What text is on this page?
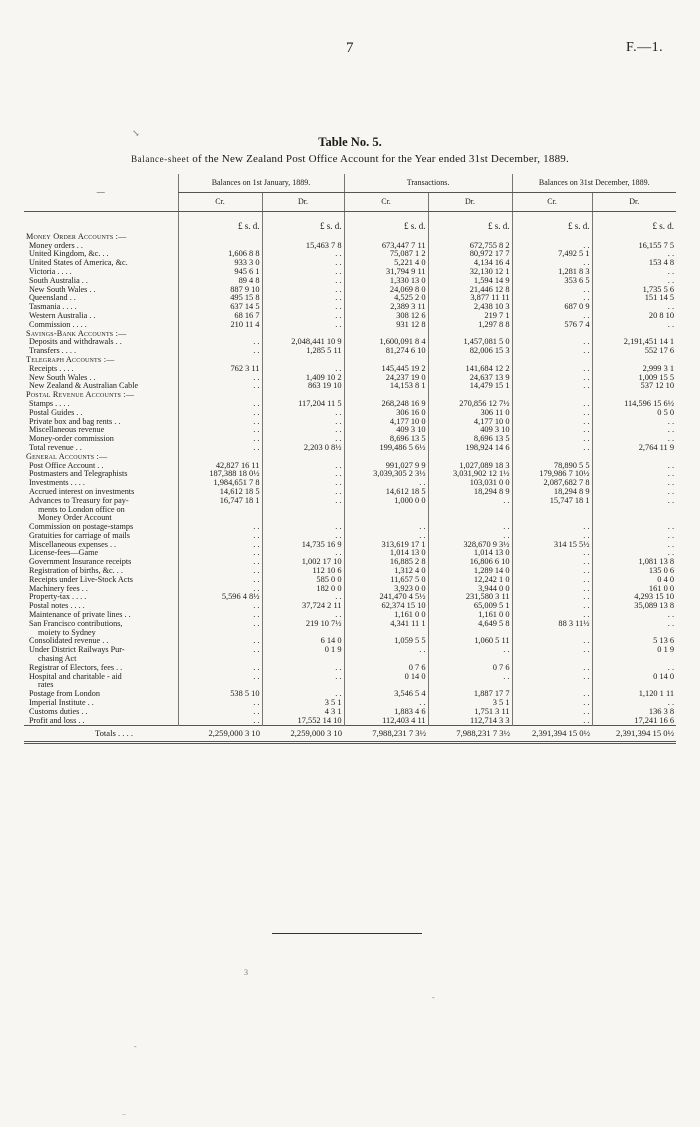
7	F.—1.
↘
Table No. 5.
Balance-sheet of the New Zealand Post Office Account for the Year ended 31st December, 1889.
—	Balances on 1st January, 1889.		Transactions.		Balances on 31st December, 1889.	
	Cr.	Dr.	Cr.	Dr.	Cr.	Dr.
	£ s. d.	£ s. d.	£ s. d.	£ s. d.	£ s. d.	£ s. d.
Money Order Accounts :—						
Money orders . .		15,463 7 8	673,447 7 11	672,755 8 2	. .	16,155 7 5
United Kingdom, &c. . .	1,606 8 8	. .	75,087 1 2	80,972 17 7	7,492 5 1	. .
United States of America, &c.	933 3 0	. .	5,221 4 0	4,134 16 4	. .	153 4 8
Victoria . . . .	945 6 1	. .	31,794 9 11	32,130 12 1	1,281 8 3	. .
South Australia . .	89 4 8	. .	1,330 13 0	1,594 14 9	353 6 5	. .
New South Wales . .	887 9 10	. .	24,069 8 0	21,446 12 8	. .	1,735 5 6
Queensland . .	495 15 8	. .	4,525 2 0	3,877 11 11	. .	151 14 5
Tasmania . . . .	637 14 5	. .	2,389 3 11	2,438 10 3	687 0 9	. .
Western Australia . .	68 16 7	. .	308 12 6	219 7 1	. .	20 8 10
Commission . . . .	210 11 4	. .	931 12 8	1,297 8 8	576 7 4	. .
Savings-Bank Accounts :—						
Deposits and withdrawals . .	. .	2,048,441 10 9	1,600,091 8 4	1,457,081 5 0	. .	2,191,451 14 1
Transfers . . . .	. .	1,285 5 11	81,274 6 10	82,006 15 3	. .	552 17 6
Telegraph Accounts :—						
Receipts . . . .	762 3 11	. .	145,445 19 2	141,684 12 2	. .	2,999 3 1
New South Wales . .	. .	1,409 10 2	24,237 19 0	24,637 13 9	. .	1,009 15 5
New Zealand & Australian Cable	. .	863 19 10	14,153 8 1	14,479 15 1	. .	537 12 10
Postal Revenue Accounts :—						
Stamps . . . .	. .	117,204 11 5	268,248 16 9	270,856 12 7½	. .	114,596 15 6½
Postal Guides . .	. .	. .	306 16 0	306 11 0	. .	0 5 0
Private box and bag rents . .	. .	. .	4,177 10 0	4,177 10 0	. .	. .
Miscellaneous revenue	. .	. .	409 3 10	409 3 10	. .	. .
Money-order commission	. .	. .	8,696 13 5	8,696 13 5	. .	. .
Total revenue . .	. .	2,203 0 8½	199,486 5 6½	198,924 14 6	. .	2,764 11 9
General Accounts :—						
Post Office Account . .	42,827 16 11	. .	991,027 9 9	1,027,089 18 3	78,890 5 5	. .
Postmasters and Telegraphists	187,388 18 0½	. .	3,039,305 2 3½	3,031,902 12 1½	179,986 7 10½	. .
Investments . . . .	1,984,651 7 8	. .	. .	103,031 0 0	2,087,682 7 8	. .
Accrued interest on investments	14,612 18 5	. .	14,612 18 5	18,294 8 9	18,294 8 9	. .
Advances to Treasury for pay-	16,747 18 1	. .	1,000 0 0	. .	15,747 18 1	. .
ments to London office on						
Money Order Account						
Commission on postage-stamps	. .	. .	. .	. .	. .	. .
Gratuities for carriage of mails	. .	. .	. .	. .	. .	. .
Miscellaneous expenses . .	. .	14,735 16 9	313,619 17 1	328,670 9 3½	314 15 5½	. .
License-fees—Game	. .	. .	1,014 13 0	1,014 13 0	. .	. .
Government Insurance receipts	. .	1,002 17 10	16,885 2 8	16,806 6 10	. .	1,081 13 8
Registration of births, &c. . .	. .	112 10 6	1,312 4 0	1,289 14 0	. .	135 0 6
Receipts under Live-Stock Acts	. .	585 0 0	11,657 5 0	12,242 1 0	. .	0 4 0
Machinery fees . .	. .	182 0 0	3,923 0 0	3,944 0 0	. .	161 0 0
Property-tax . . . .	5,596 4 8½	. .	241,470 4 5½	231,580 3 11	. .	4,293 15 10
Postal notes . . . .	. .	37,724 2 11	62,374 15 10	65,009 5 1	. .	35,089 13 8
Maintenance of private lines . .	. .	. .	1,161 0 0	1,161 0 0	. .	. .
San Francisco contributions,	. .	219 10 7½	4,341 11 1	4,649 5 8	88 3 11½	. .
moiety to Sydney						
Consolidated revenue . .	. .	6 14 0	1,059 5 5	1,060 5 11	. .	5 13 6
Under District Railways Pur-	. .	0 1 9	. .	. .	. .	0 1 9
chasing Act						
Registrar of Electors, fees . .	. .	. .	0 7 6	0 7 6	. .	. .
Hospital and charitable - aid	. .	. .	0 14 0	. .	. .	0 14 0
rates						
Postage from London	538 5 10	. .	3,546 5 4	1,887 17 7	. .	1,120 1 11
Imperial Institute . .	. .	3 5 1	. .	3 5 1	. .	. .
Customs duties . .	. .	4 3 1	1,883 4 6	1,751 3 11	. .	136 3 8
Profit and loss . .	. .	17,552 14 10	112,403 4 11	112,714 3 3	. .	17,241 16 6
Totals . . . .	2,259,000 3 10	2,259,000 3 10	7,988,231 7 3½	7,988,231 7 3½	2,391,394 15 0½	2,391,394 15 0½
3
-
-
⁻
